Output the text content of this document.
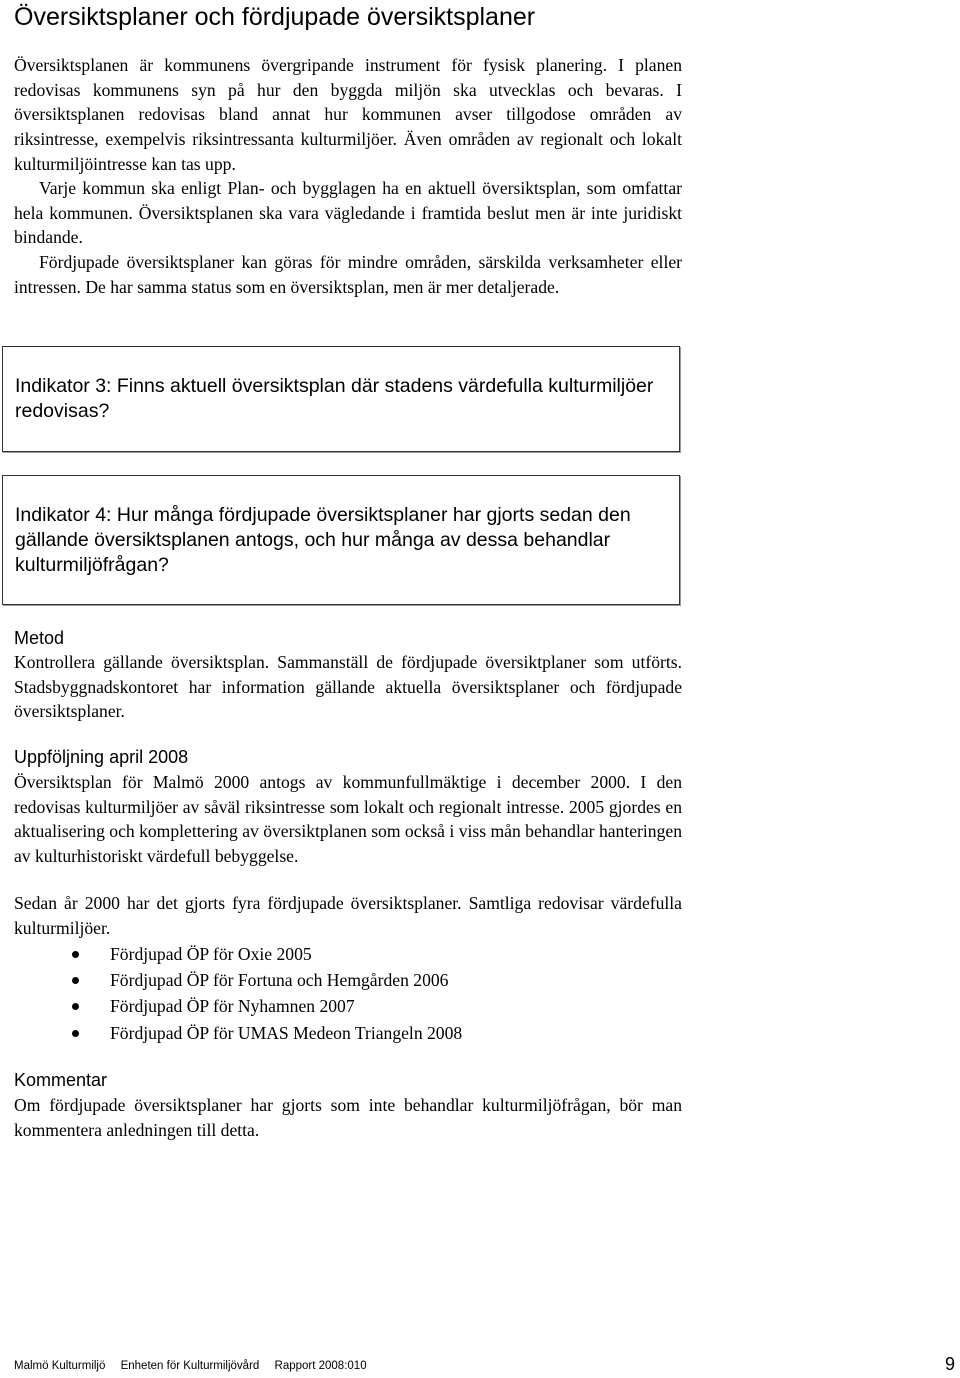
Översiktsplaner och fördjupade översiktsplaner

Översiktsplanen är kommunens övergripande instrument för fysisk planering. I planen redovisas kommunens syn på hur den byggda miljön ska utvecklas och bevaras. I översiktsplanen redovisas bland annat hur kommunen avser tillgodose områden av riksintresse, exempelvis riksintressanta kulturmiljöer. Även områden av regionalt och lokalt kulturmiljöintresse kan tas upp.

Varje kommun ska enligt Plan- och bygglagen ha en aktuell översiktsplan, som omfattar hela kommunen. Översiktsplanen ska vara vägledande i framtida beslut men är inte juridiskt bindande.

Fördjupade översiktsplaner kan göras för mindre områden, särskilda verksamheter eller intressen. De har samma status som en översiktsplan, men är mer detaljerade.

Indikator 3: Finns aktuell översiktsplan där stadens värdefulla kulturmiljöer redovisas?

Indikator 4: Hur många fördjupade översiktsplaner har gjorts sedan den gällande översiktsplanen antogs, och hur många av dessa behandlar kulturmiljöfrågan?

Metod

Kontrollera gällande översiktsplan. Sammanställ de fördjupade översiktplaner som utförts. Stadsbyggnadskontoret har information gällande aktuella översiktsplaner och fördjupade översiktsplaner.

Uppföljning april 2008

Översiktsplan för Malmö 2000 antogs av kommunfullmäktige i december 2000. I den redovisas kulturmiljöer av såväl riksintresse som lokalt och regionalt intresse. 2005 gjordes en aktualisering och komplettering av översiktplanen som också i viss mån behandlar hanteringen av kulturhistoriskt värdefull bebyggelse.

Sedan år 2000 har det gjorts fyra fördjupade översiktsplaner. Samtliga redovisar värdefulla kulturmiljöer.

Fördjupad ÖP för Oxie 2005
Fördjupad ÖP för Fortuna och Hemgården 2006
Fördjupad ÖP för Nyhamnen 2007
Fördjupad ÖP för UMAS Medeon Triangeln 2008
Kommentar

Om fördjupade översiktsplaner har gjorts som inte behandlar kulturmiljöfrågan, bör man kommentera anledningen till detta.

Malmö Kulturmiljö Enheten för Kulturmiljövård Rapport 2008:010	9
